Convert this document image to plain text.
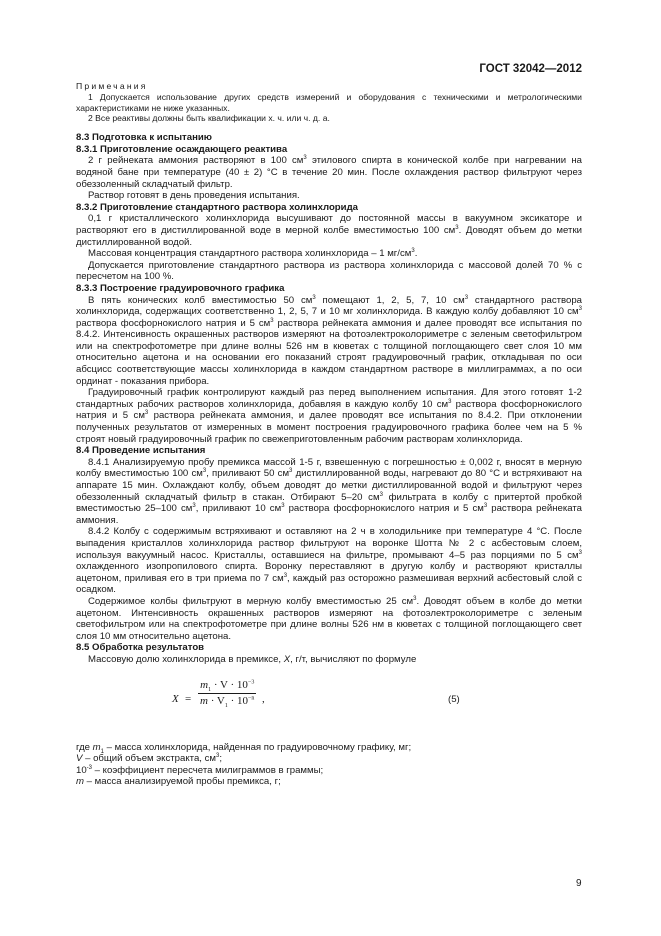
ГОСТ 32042—2012

Примечания

1 Допускается использование других средств измерений и оборудования с техническими и метрологическими характеристиками не ниже указанных.

2 Все реактивы должны быть квалификации х. ч. или ч. д. а.

8.3 Подготовка к испытанию

8.3.1 Приготовление осаждающего реактива

2 г рейнеката аммония растворяют в 100 $см^3$ этилового спирта в конической колбе при нагревании на водяной бане при температуре (40 ± 2) °С в течение 20 мин. После охлаждения раствор фильтруют через обеззоленный складчатый фильтр.

Раствор готовят в день проведения испытания.

8.3.2 Приготовление стандартного раствора холинхлорида

0,1 г кристаллического холинхлорида высушивают до постоянной массы в вакуумном эксикаторе и растворяют его в дистиллированной воде в мерной колбе вместимостью 100 $см^3$. Доводят объем до метки дистиллированной водой.

Массовая концентрация стандартного раствора холинхлорида – 1 $мг/см^3$.

Допускается приготовление стандартного раствора из раствора холинхлорида с массовой долей 70 % с пересчетом на 100 %.

8.3.3 Построение градуировочного графика

В пять конических колб вместимостью 50 $см^3$ помещают 1, 2, 5, 7, 10 $см^3$ стандартного раствора холинхлорида, содержащих соответственно 1, 2, 5, 7 и 10 мг холинхлорида. В каждую колбу добавляют 10 $см^3$ раствора фосфорнокислого натрия и 5 $см^3$ раствора рейнеката аммония и далее проводят все испытания по 8.4.2. Интенсивность окрашенных растворов измеряют на фотоэлектроколориметре с зеленым светофильтром или на спектрофотометре при длине волны 526 нм в кюветах с толщиной поглощающего свет слоя 10 мм относительно ацетона и на основании его показаний строят градуировочный график, откладывая по оси абсцисс соответствующие массы холинхлорида в каждом стандартном растворе в миллиграммах, а по оси ординат - показания прибора.

Градуировочный график контролируют каждый раз перед выполнением испытания. Для этого готовят 1-2 стандартных рабочих растворов холинхлорида, добавляя в каждую колбу 10 $см^3$ раствора фосфорнокислого натрия и 5 $см^3$ раствора рейнеката аммония, и далее проводят все испытания по 8.4.2. При отклонении полученных результатов от измеренных в момент построения градуировочного графика более чем на 5 % строят новый градуировочный график по свежеприготовленным рабочим растворам холинхлорида.

8.4 Проведение испытания

8.4.1 Анализируемую пробу премикса массой 1-5 г, взвешенную с погрешностью ± 0,002 г, вносят в мерную колбу вместимостью 100 $см^3$, приливают 50 $см^3$ дистиллированной воды, нагревают до 80 °С и встряхивают на аппарате 15 мин. Охлаждают колбу, объем доводят до метки дистиллированной водой и фильтруют через обеззоленный складчатый фильтр в стакан. Отбирают 5–20 $см^3$ фильтрата в колбу с притертой пробкой вместимостью 25–100 $см^3$, приливают 10 $см^3$ раствора фосфорнокислого натрия и 5 $см^3$ раствора рейнеката аммония.

8.4.2 Колбу с содержимым встряхивают и оставляют на 2 ч в холодильнике при температуре 4 °С. После выпадения кристаллов холинхлорида раствор фильтруют на воронке Шотта № 2 с асбестовым слоем, используя вакуумный насос. Кристаллы, оставшиеся на фильтре, промывают 4–5 раз порциями по 5 $см^3$ охлажденного изопропилового спирта. Воронку переставляют в другую колбу и растворяют кристаллы ацетоном, приливая его в три приема по 7 $см^3$, каждый раз осторожно размешивая верхний асбестовый слой с осадком.

Содержимое колбы фильтруют в мерную колбу вместимостью 25 $см^3$. Доводят объем в колбе до метки ацетоном. Интенсивность окрашенных растворов измеряют на фотоэлектроколориметре с зеленым светофильтром или на спектрофотометре при длине волны 526 нм в кюветах с толщиной поглощающего свет слоя 10 мм относительно ацетона.

8.5 Обработка результатов

Массовую долю холинхлорида в премиксе, X, г/т, вычисляют по формуле

X =
$m_1 \cdot V \cdot 10^{-3}$
$m \cdot V_1 \cdot 10^{-n}$ ,	(5)

где $m_1$ – масса холинхлорида, найденная по градуировочному графику, мг;

V – общий объем экстракта, $см^3$;

$10^{-3}$ – коэффициент пересчета милиграммов в граммы;

m – масса анализируемой пробы премикса, г;

9
